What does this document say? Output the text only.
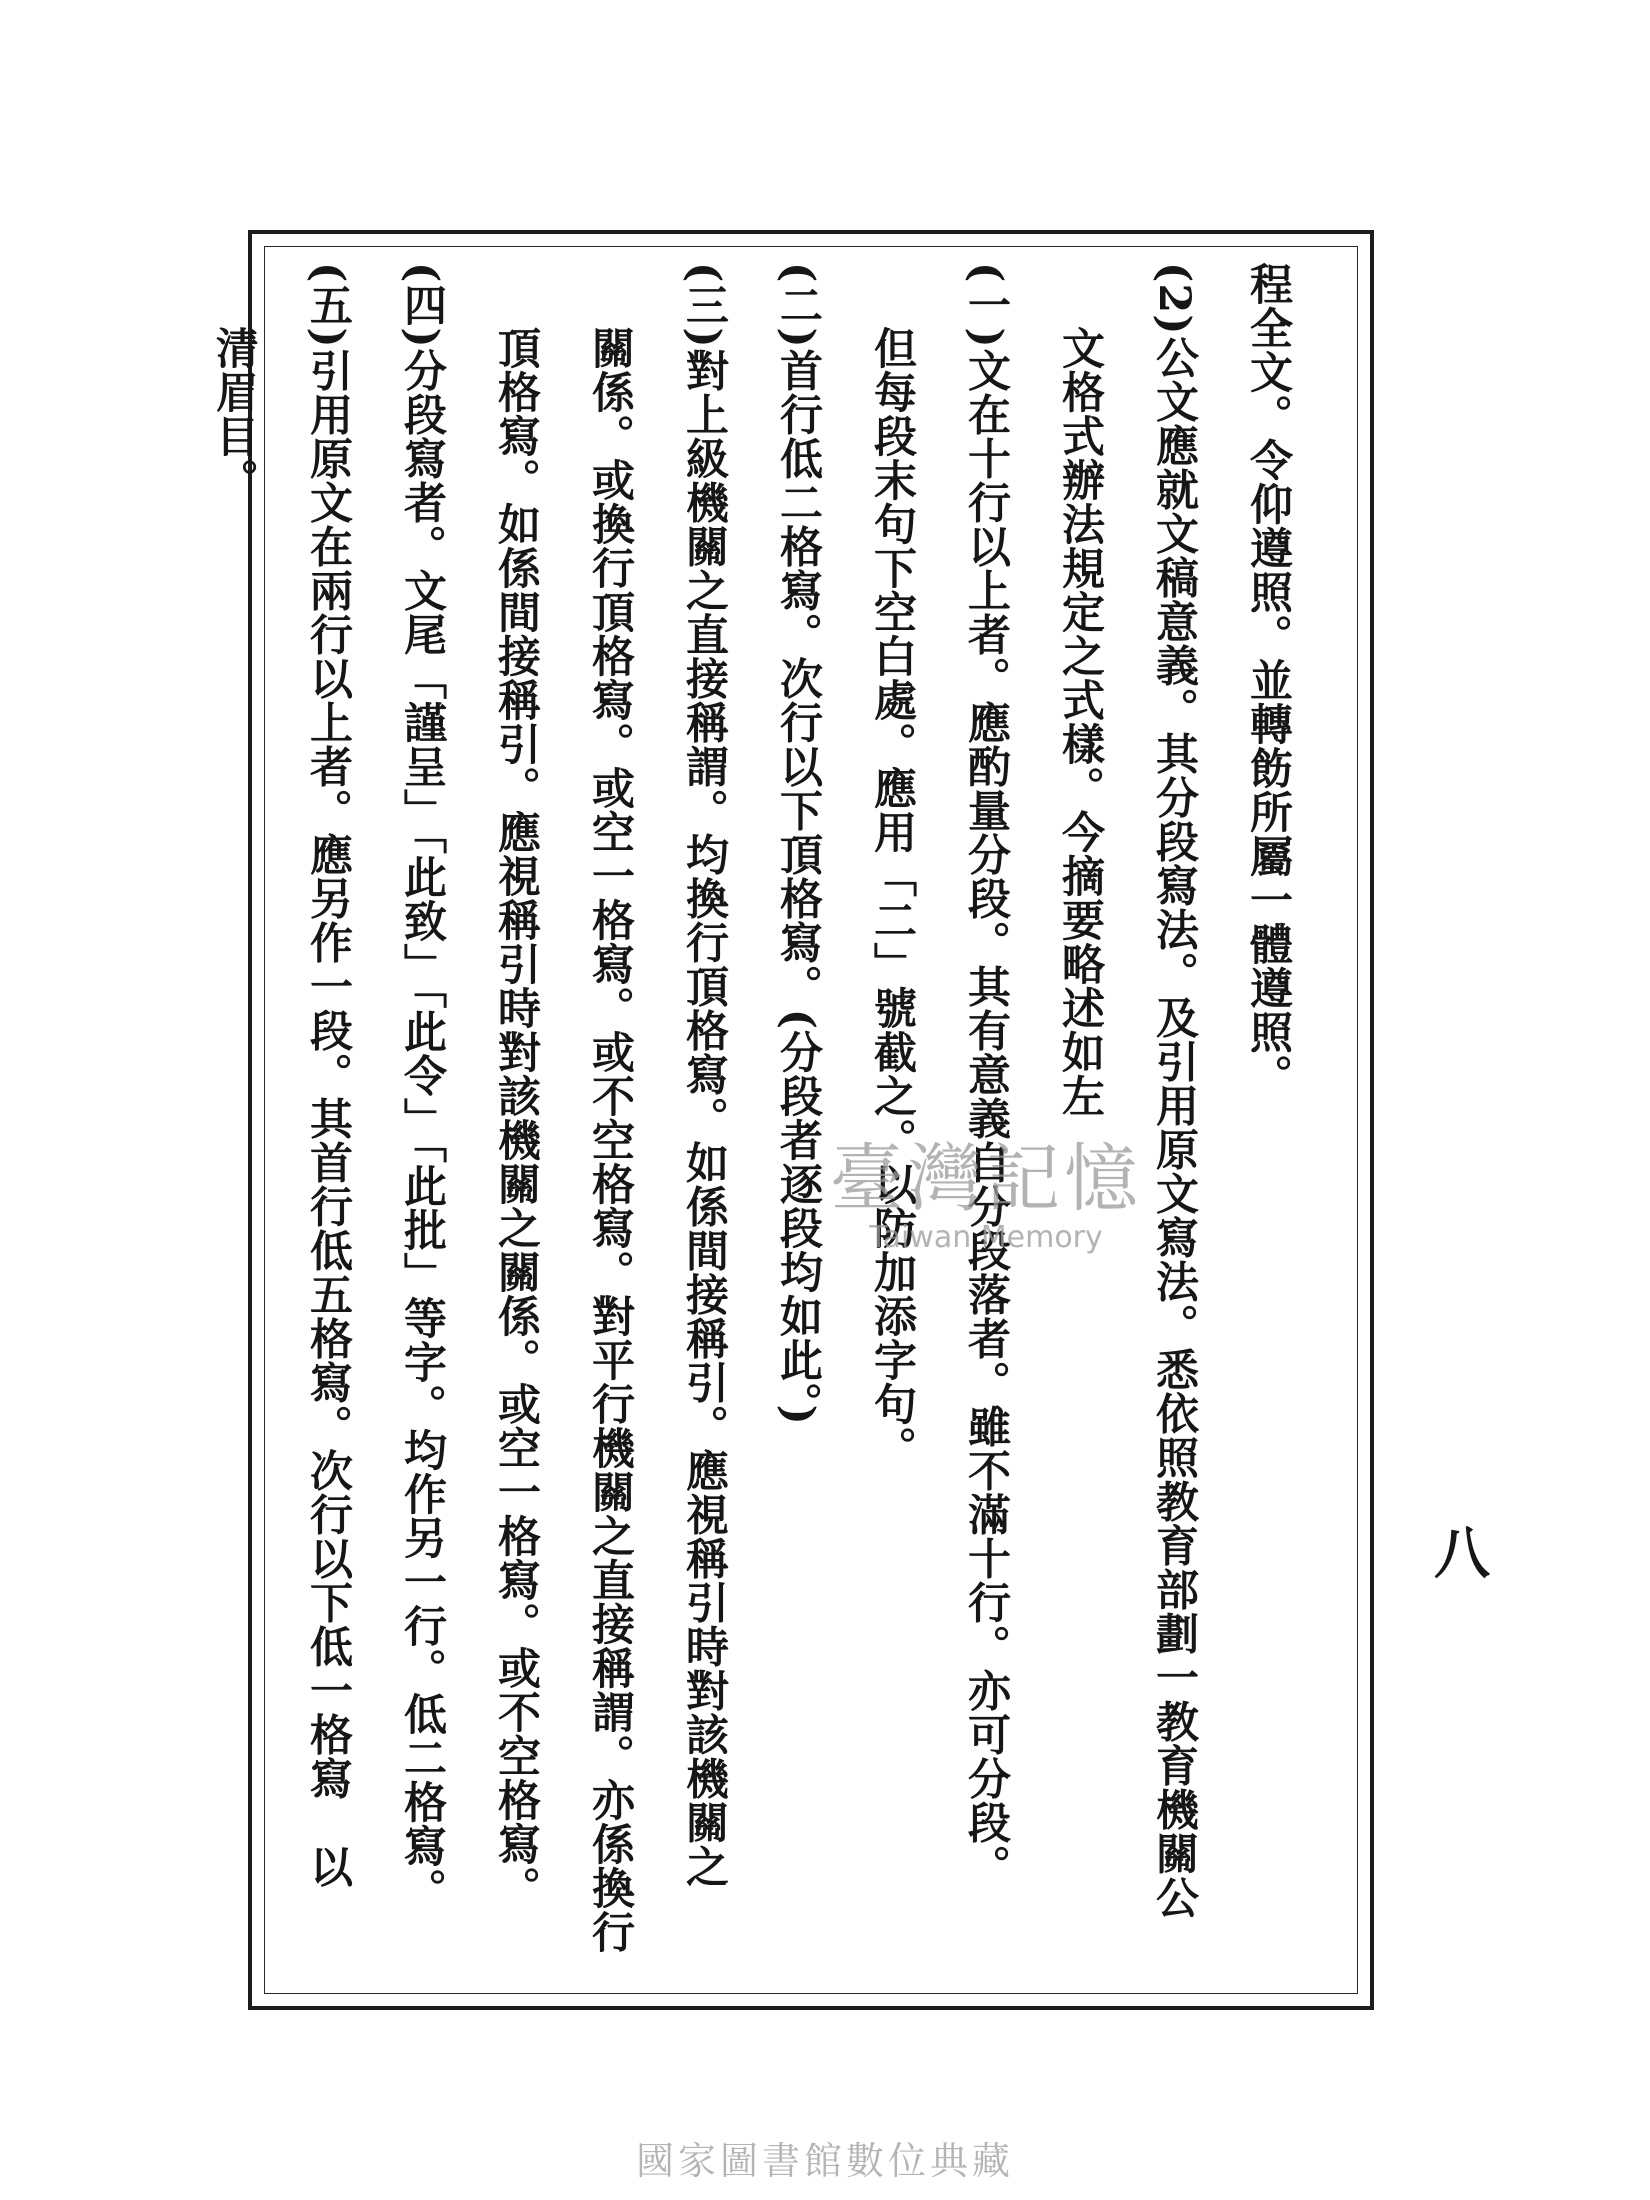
程全文。令仰遵照。並轉飭所屬一體遵照。
(2)公文應就文稿意義。其分段寫法。及引用原文寫法。悉依照教育部劃一教育機關公
文格式辦法規定之式樣。今摘要略述如左
(一)文在十行以上者。應酌量分段。其有意義自分段落者。雖不滿十行。亦可分段。
但每段末句下空白處。應用「二」號截之。以防加添字句。
(二)首行低二格寫。次行以下頂格寫。(分段者逐段均如此。)
(三)對上級機關之直接稱謂。均換行頂格寫。如係間接稱引。應視稱引時對該機關之
關係。或換行頂格寫。或空一格寫。或不空格寫。對平行機關之直接稱謂。亦係換行
頂格寫。如係間接稱引。應視稱引時對該機關之關係。或空一格寫。或不空格寫。
(四)分段寫者。文尾「謹呈」「此致」「此令」「此批」等字。均作另一行。低二格寫。
(五)引用原文在兩行以上者。應另作一段。其首行低五格寫。次行以下低一格寫　以
清眉目。
八
臺灣記憶
Taiwan Memory
國家圖書館數位典藏
